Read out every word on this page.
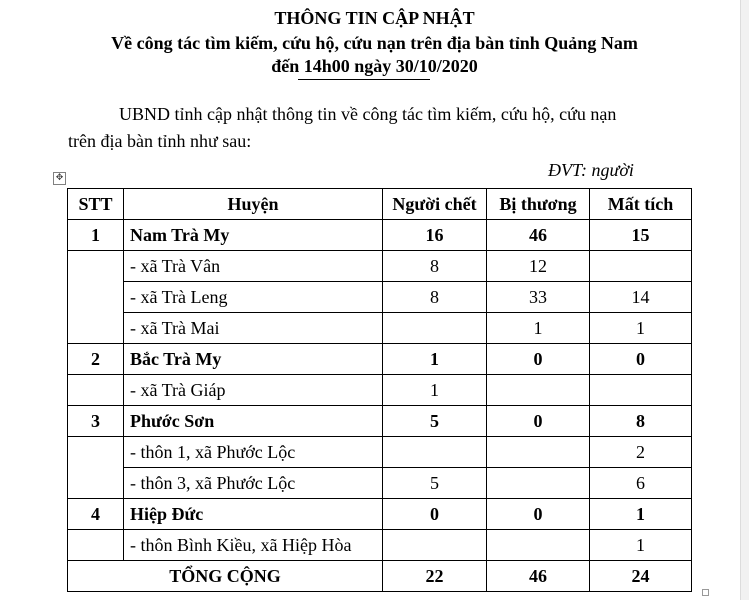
THÔNG TIN CẬP NHẬT
Về công tác tìm kiếm, cứu hộ, cứu nạn trên địa bàn tỉnh Quảng Nam
đến 14h00 ngày 30/10/2020
UBND tỉnh cập nhật thông tin về công tác tìm kiếm, cứu hộ, cứu nạn
trên địa bàn tỉnh như sau:
ĐVT: người
✥
STT	Huyện	Người chết	Bị thương	Mất tích
1	Nam Trà My	16	46	15
	- xã Trà Vân	8	12	
	- xã Trà Leng	8	33	14
	- xã Trà Mai		1	1
2	Bắc Trà My	1	0	0
	- xã Trà Giáp	1		
3	Phước Sơn	5	0	8
	- thôn 1, xã Phước Lộc			2
	- thôn 3, xã Phước Lộc	5		6
4	Hiệp Đức	0	0	1
	- thôn Bình Kiều, xã Hiệp Hòa			1
TỔNG CỘNG		22	46	24
